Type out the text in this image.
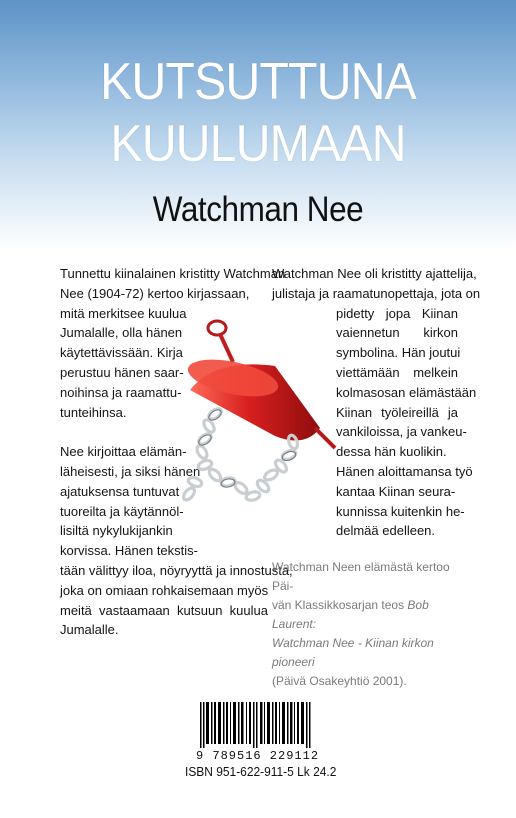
KUTSUTTUNA
KUULUMAAN
Watchman Nee
Tunnettu kiinalainen kristitty Watchman
Nee (1904-72) kertoo kirjassaan,
mitä merkitsee kuulua
Jumalalle, olla hänen
käytettävissään. Kirja
perustuu hänen saar-
noihinsa ja raamattu-
tunteihinsa.

Nee kirjoittaa elämän-
läheisesti, ja siksi hänen
ajatuksensa tuntuvat
tuoreilta ja käytännöl-
lisiltä nykylukijankin
korvissa. Hänen tekstis-
tään välittyy iloa, nöyryyttä ja innostusta,
joka on omiaan rohkaisemaan myös
meitä vastaamaan kutsuun kuulua
Jumalalle.
Watchman Nee oli kristitty ajattelija,
julistaja ja raamatunopettaja, jota on
pidetty jopa Kiinan
vaiennetun kirkon
symbolina. Hän joutui
viettämään melkein
kolmasosan elämästään
Kiinan työleireillä ja
vankiloissa, ja vankeu-
dessa hän kuolikin.
Hänen aloittamansa työ
kantaa Kiinan seura-
kunnissa kuitenkin he-
delmää edelleen.
Watchman Neen elämästä kertoo Päi-
vän Klassikkosarjan teos Bob Laurent:
Watchman Nee - Kiinan kirkon pioneeri
(Päivä Osakeyhtiö 2001).
9 789516 229112
ISBN 951-622-911-5 Lk 24.2
